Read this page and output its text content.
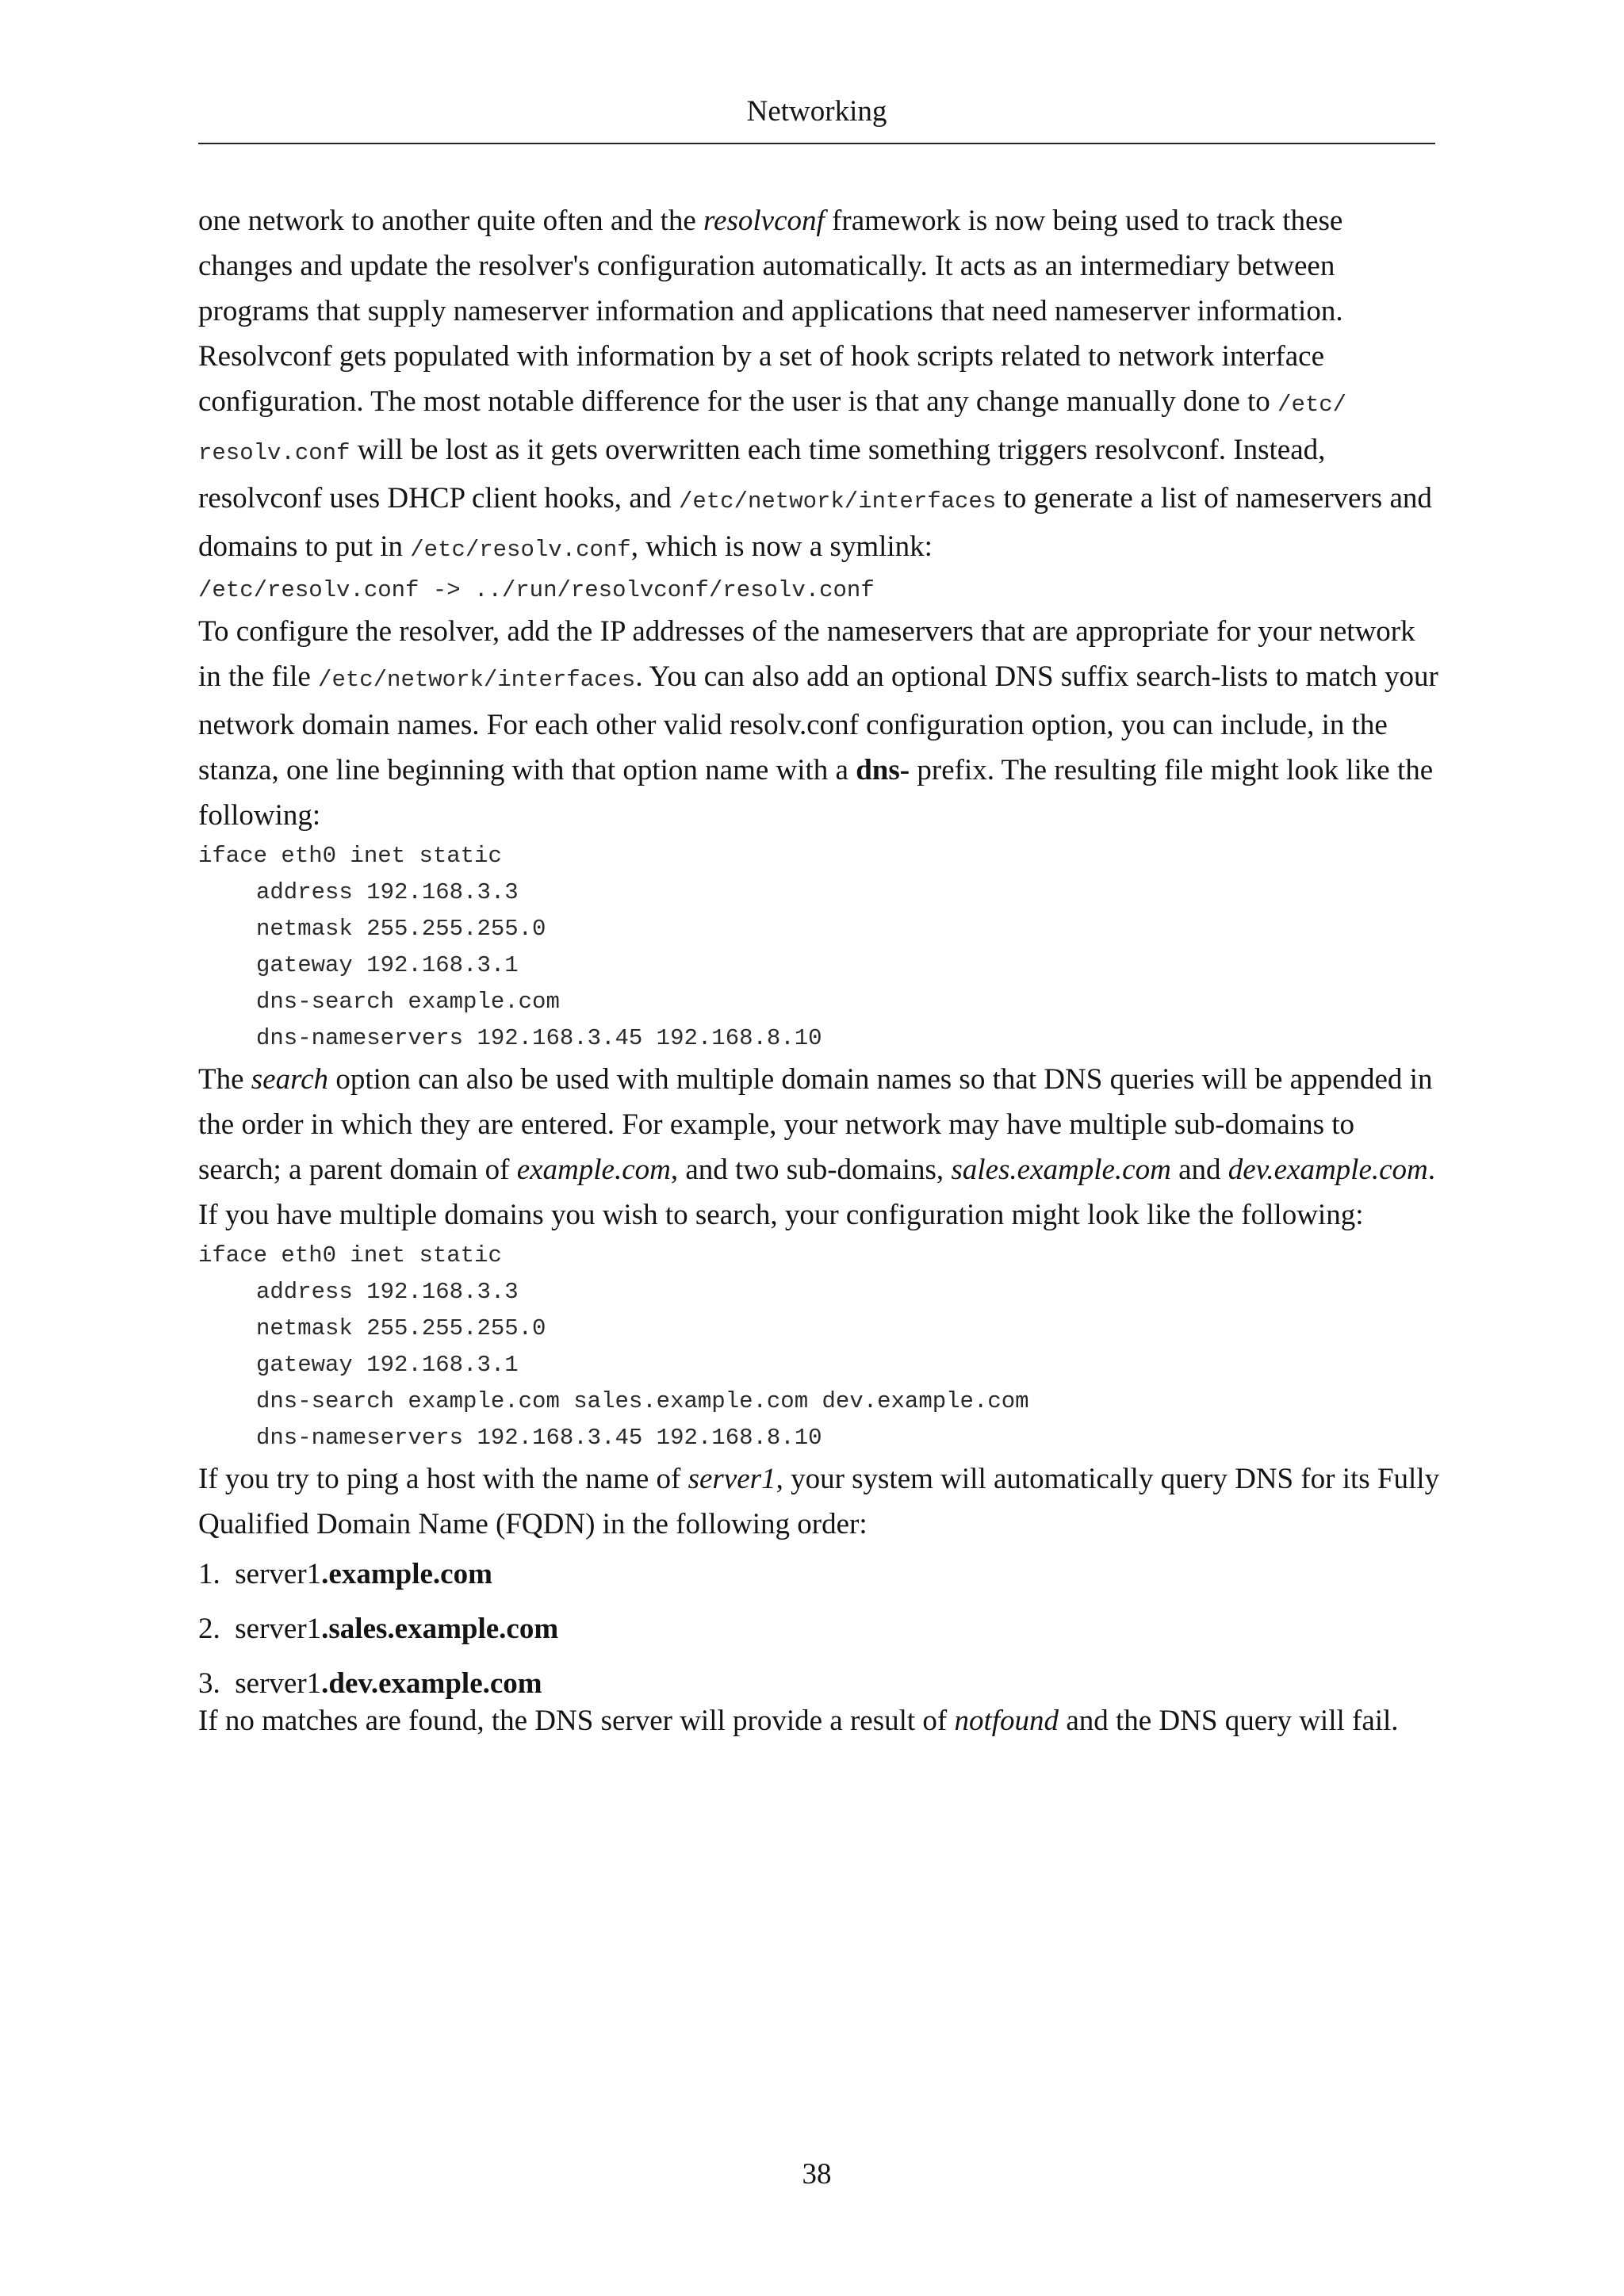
Networking

one network to another quite often and the resolvconf framework is now being used to track these changes and update the resolver's configuration automatically. It acts as an intermediary between programs that supply nameserver information and applications that need nameserver information. Resolvconf gets populated with information by a set of hook scripts related to network interface configuration. The most notable difference for the user is that any change manually done to /etc/ resolv.conf will be lost as it gets overwritten each time something triggers resolvconf. Instead, resolvconf uses DHCP client hooks, and /etc/network/interfaces to generate a list of nameservers and domains to put in /etc/resolv.conf, which is now a symlink:

/etc/resolv.conf -> ../run/resolvconf/resolv.conf

To configure the resolver, add the IP addresses of the nameservers that are appropriate for your network in the file /etc/network/interfaces. You can also add an optional DNS suffix search-lists to match your network domain names. For each other valid resolv.conf configuration option, you can include, in the stanza, one line beginning with that option name with a dns- prefix. The resulting file might look like the following:

iface eth0 inet static
address 192.168.3.3
netmask 255.255.255.0
gateway 192.168.3.1
dns-search example.com
dns-nameservers 192.168.3.45 192.168.8.10

The search option can also be used with multiple domain names so that DNS queries will be appended in the order in which they are entered. For example, your network may have multiple sub-domains to search; a parent domain of example.com, and two sub-domains, sales.example.com and dev.example.com.

If you have multiple domains you wish to search, your configuration might look like the following:

iface eth0 inet static
address 192.168.3.3
netmask 255.255.255.0
gateway 192.168.3.1
dns-search example.com sales.example.com dev.example.com
dns-nameservers 192.168.3.45 192.168.8.10

If you try to ping a host with the name of server1, your system will automatically query DNS for its Fully Qualified Domain Name (FQDN) in the following order:

1. server1.example.com
2. server1.sales.example.com
3. server1.dev.example.com

If no matches are found, the DNS server will provide a result of notfound and the DNS query will fail.

38
